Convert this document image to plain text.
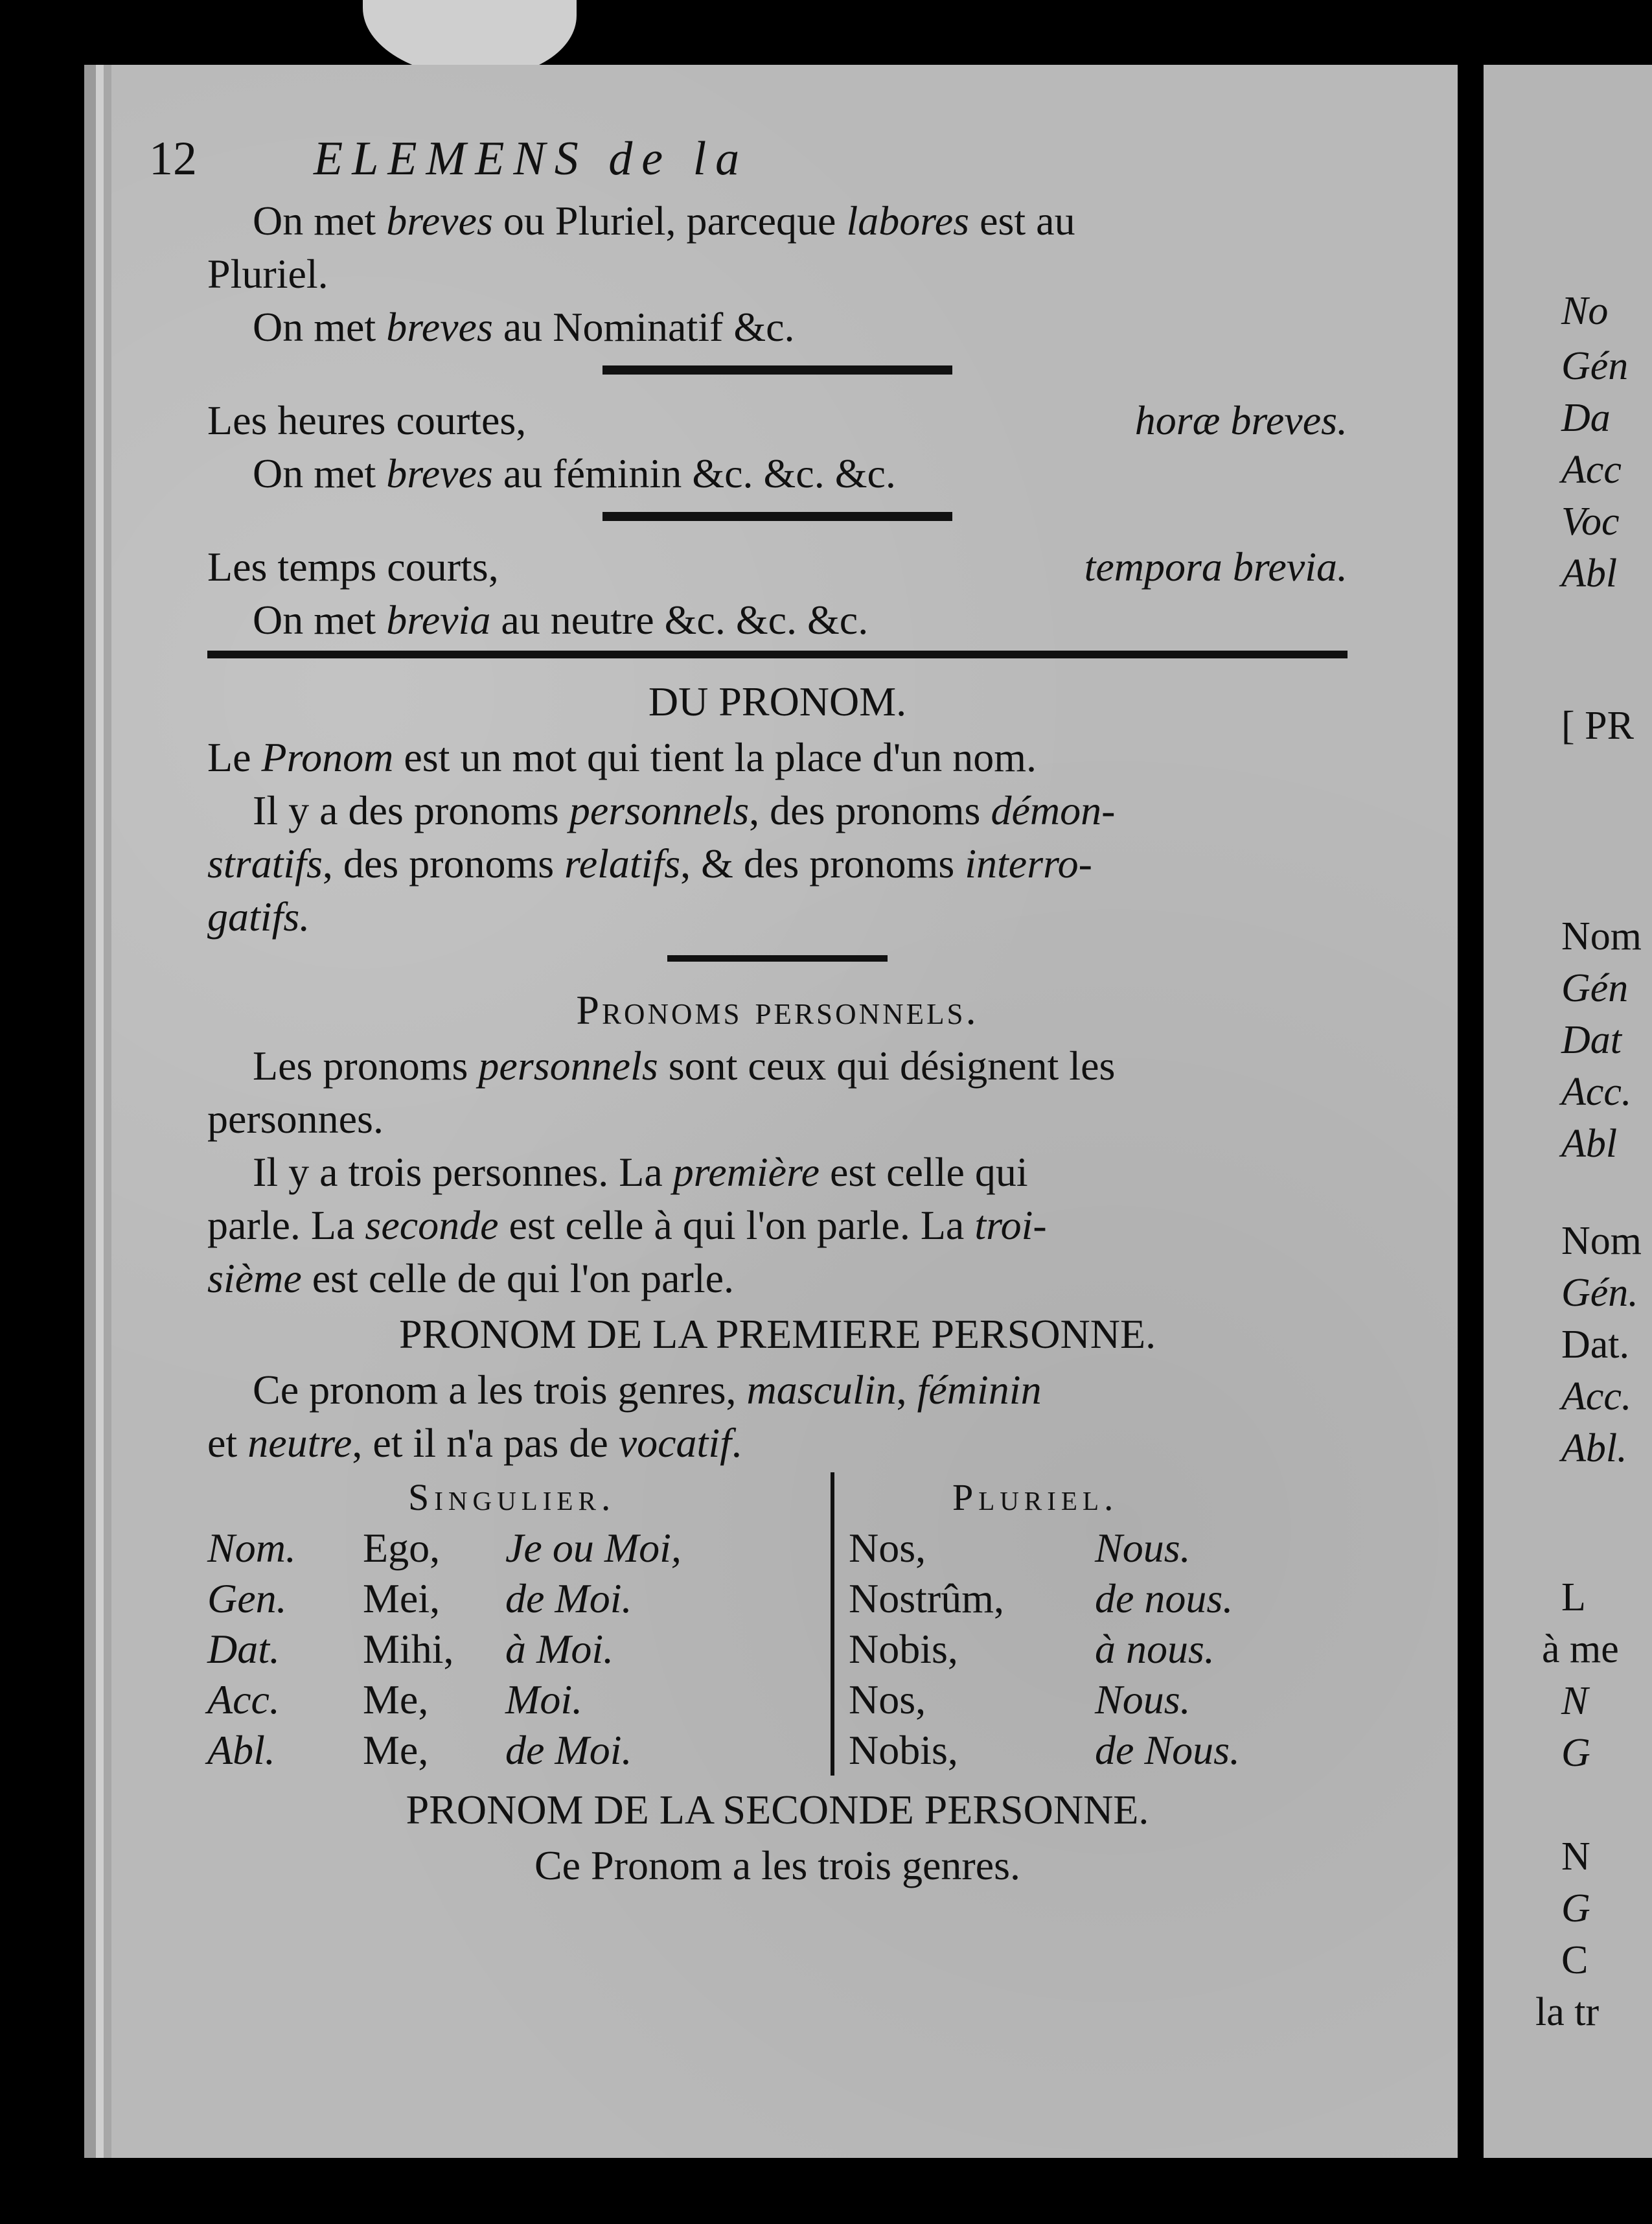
No
Gén
Da
Acc
Voc
Abl
[ PR
Nom
Gén
Dat
Acc.
Abl
Nom
Gén.
Dat.
Acc.
Abl.
L
à me
N
G
N
G
C
la tr
12 ELEMENS de la
On met breves ou Pluriel, parceque labores est au
Pluriel.
On met breves au Nominatif &c.
Les heures courtes,	horæ breves.
On met breves au féminin &c. &c. &c.
Les temps courts,	tempora brevia.
On met brevia au neutre &c. &c. &c.
DU PRONOM.
Le Pronom est un mot qui tient la place d'un nom.
Il y a des pronoms personnels, des pronoms démon-
stratifs, des pronoms relatifs, & des pronoms interro-
gatifs.
Pronoms personnels.
Les pronoms personnels sont ceux qui désignent les
personnes.
Il y a trois personnes. La première est celle qui
parle. La seconde est celle à qui l'on parle. La troi-
sième est celle de qui l'on parle.
PRONOM DE LA PREMIERE PERSONNE.
Ce pronom a les trois genres, masculin, féminin
et neutre, et il n'a pas de vocatif.
Singulier.	Pluriel.
Nom.	Ego,	Je ou Moi,	Nos,	Nous.
Gen.	Mei,	de Moi.	Nostrûm,	de nous.
Dat.	Mihi,	à Moi.	Nobis,	à nous.
Acc.	Me,	Moi.	Nos,	Nous.
Abl.	Me,	de Moi.	Nobis,	de Nous.
PRONOM DE LA SECONDE PERSONNE.
Ce Pronom a les trois genres.
